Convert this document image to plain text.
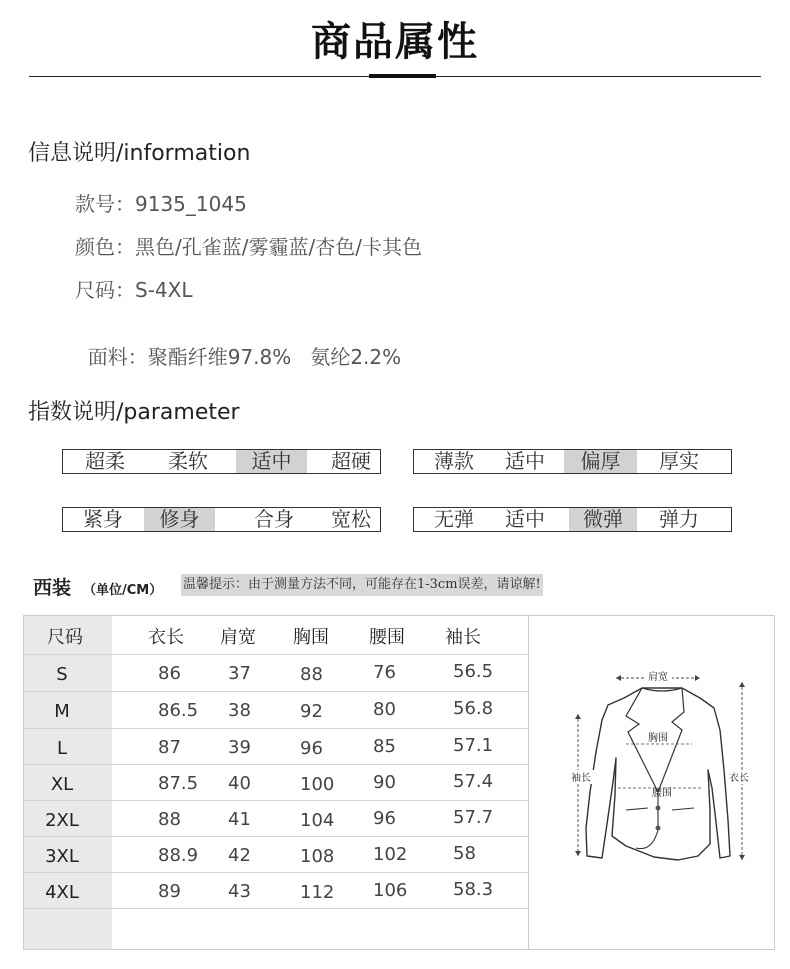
商品属性
信息说明/information
款号：9135_1045
颜色：黑色/孔雀蓝/雾霾蓝/杏色/卡其色
尺码：S-4XL

面料：聚酯纤维97.8%   氨纶2.2%

指数说明/parameter
超柔	柔软	适中	超硬	薄款	适中	偏厚	厚实
紧身	修身	合身	宽松	无弹	适中	微弹	弹力
西装 （单位/CM） 温馨提示：由于测量方法不同，可能存在1-3cm误差，请谅解!
尺码	衣长 肩宽 胸围 腰围 袖长
S	86	37	88	76	56.5
M	86.5 38	92	80	56.8
L	87	39	96	85	57.1
XL	87.5 40	100 90	57.4
2XL	88	41	104 96	57.7
3XL	88.9 42	108 102	58
4XL	89	43	112 106	58.3
肩宽
胸围
腰围
袖长	衣长
